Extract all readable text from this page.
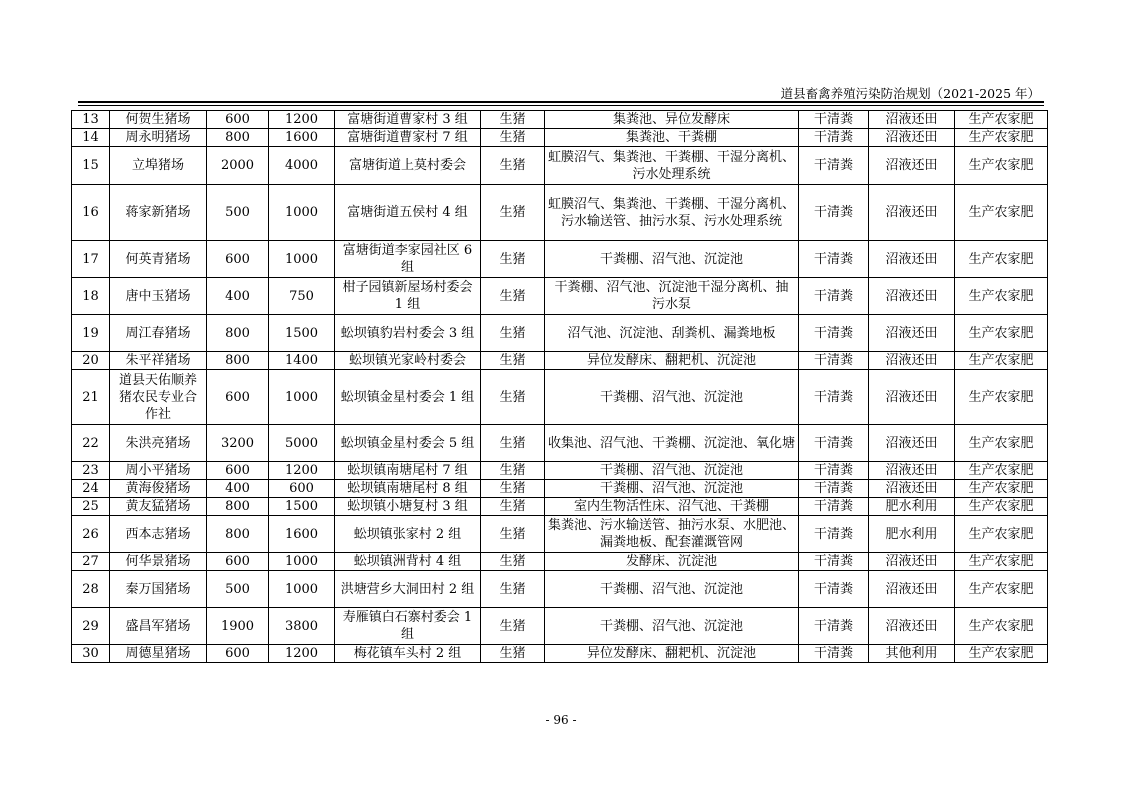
道县畜禽养殖污染防治规划（2021-2025 年）
13	何贺生猪场	600	1200	富塘街道曹家村 3 组	生猪	集粪池、异位发酵床	干清粪	沼液还田	生产农家肥
14	周永明猪场	800	1600	富塘街道曹家村 7 组	生猪	集粪池、干粪棚	干清粪	沼液还田	生产农家肥
15	立埠猪场	2000	4000	富塘街道上莫村委会	生猪	虹膜沼气、集粪池、干粪棚、干湿分离机、 污水处理系统	干清粪	沼液还田	生产农家肥
16	蒋家新猪场	500	1000	富塘街道五侯村 4 组	生猪	虹膜沼气、集粪池、干粪棚、干湿分离机、 污水输送管、抽污水泵、污水处理系统	干清粪	沼液还田	生产农家肥
17	何英青猪场	600	1000	富塘街道李家园社区 6 组	生猪	干粪棚、沼气池、沉淀池	干清粪	沼液还田	生产农家肥
18	唐中玉猪场	400	750	柑子园镇新屋场村委会 1 组	生猪	干粪棚、沼气池、沉淀池干湿分离机、抽 污水泵	干清粪	沼液还田	生产农家肥
19	周江春猪场	800	1500	蚣坝镇豹岩村委会 3 组	生猪	沼气池、沉淀池、刮粪机、漏粪地板	干清粪	沼液还田	生产农家肥
20	朱平祥猪场	800	1400	蚣坝镇光家岭村委会	生猪	异位发酵床、翻耙机、沉淀池	干清粪	沼液还田	生产农家肥
21	道县天佑顺养猪农民专业合作社	600	1000	蚣坝镇金星村委会 1 组	生猪	干粪棚、沼气池、沉淀池	干清粪	沼液还田	生产农家肥
22	朱洪亮猪场	3200	5000	蚣坝镇金星村委会 5 组	生猪	收集池、沼气池、干粪棚、沉淀池、氧化塘	干清粪	沼液还田	生产农家肥
23	周小平猪场	600	1200	蚣坝镇南塘尾村 7 组	生猪	干粪棚、沼气池、沉淀池	干清粪	沼液还田	生产农家肥
24	黄海俊猪场	400	600	蚣坝镇南塘尾村 8 组	生猪	干粪棚、沼气池、沉淀池	干清粪	沼液还田	生产农家肥
25	黄友猛猪场	800	1500	蚣坝镇小塘复村 3 组	生猪	室内生物活性床、沼气池、干粪棚	干清粪	肥水利用	生产农家肥
26	西本志猪场	800	1600	蚣坝镇张家村 2 组	生猪	集粪池、污水输送管、抽污水泵、水肥池、 漏粪地板、配套灌溉管网	干清粪	肥水利用	生产农家肥
27	何华景猪场	600	1000	蚣坝镇洲背村 4 组	生猪	发酵床、沉淀池	干清粪	沼液还田	生产农家肥
28	秦万国猪场	500	1000	洪塘营乡大洞田村 2 组	生猪	干粪棚、沼气池、沉淀池	干清粪	沼液还田	生产农家肥
29	盛昌军猪场	1900	3800	寿雁镇白石寨村委会 1 组	生猪	干粪棚、沼气池、沉淀池	干清粪	沼液还田	生产农家肥
30	周德星猪场	600	1200	梅花镇车头村 2 组	生猪	异位发酵床、翻耙机、沉淀池	干清粪	其他利用	生产农家肥
- 96 -
